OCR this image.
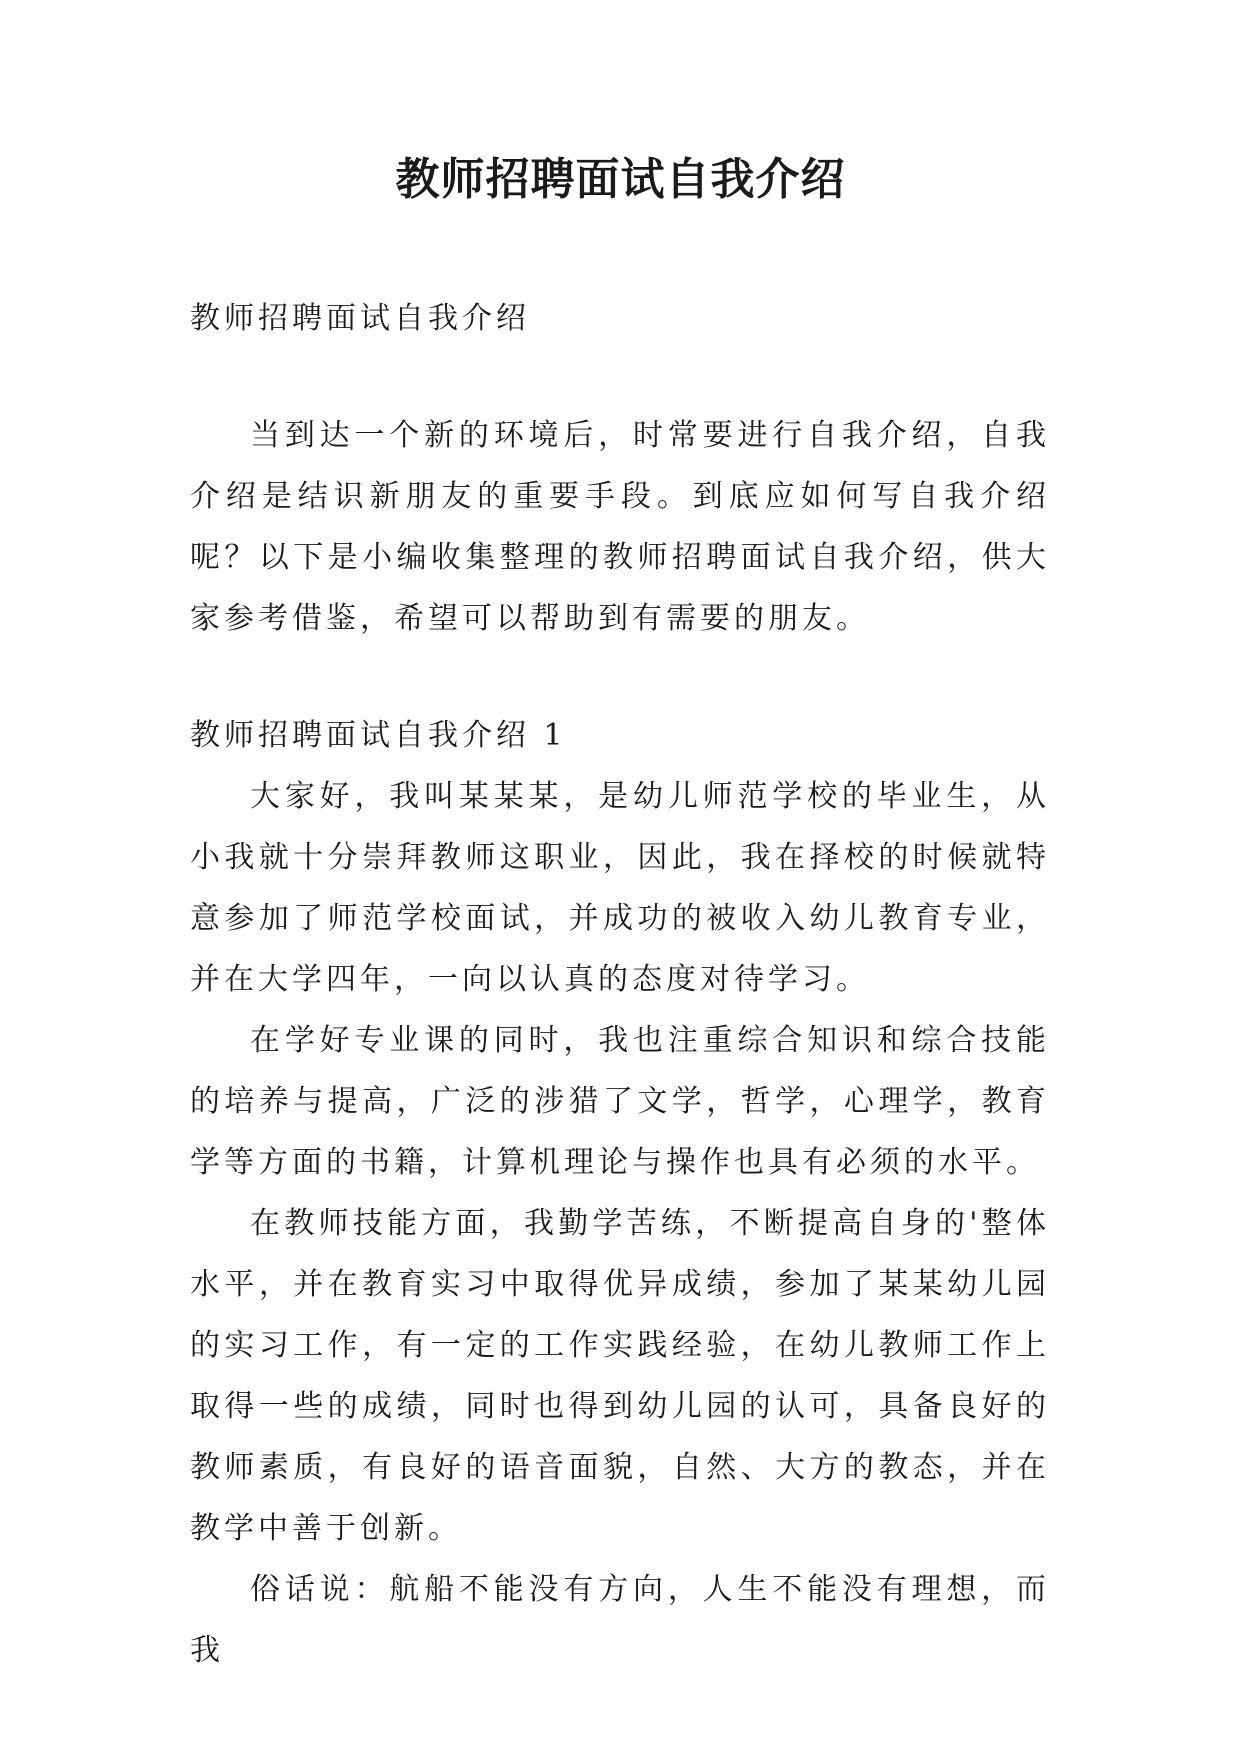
教师招聘面试自我介绍

教师招聘面试自我介绍

当到达一个新的环境后，时常要进行自我介绍，自我介绍是结识新朋友的重要手段。到底应如何写自我介绍呢？以下是小编收集整理的教师招聘面试自我介绍，供大家参考借鉴，希望可以帮助到有需要的朋友。

教师招聘面试自我介绍 1

大家好，我叫某某某，是幼儿师范学校的毕业生，从小我就十分崇拜教师这职业，因此，我在择校的时候就特意参加了师范学校面试，并成功的被收入幼儿教育专业，并在大学四年，一向以认真的态度对待学习。

在学好专业课的同时，我也注重综合知识和综合技能的培养与提高，广泛的涉猎了文学，哲学，心理学，教育学等方面的书籍，计算机理论与操作也具有必须的水平。

在教师技能方面，我勤学苦练，不断提高自身的'整体水平，并在教育实习中取得优异成绩，参加了某某幼儿园的实习工作，有一定的工作实践经验，在幼儿教师工作上取得一些的成绩，同时也得到幼儿园的认可，具备良好的教师素质，有良好的语音面貌，自然、大方的教态，并在教学中善于创新。

俗话说：航船不能没有方向，人生不能没有理想，而我
